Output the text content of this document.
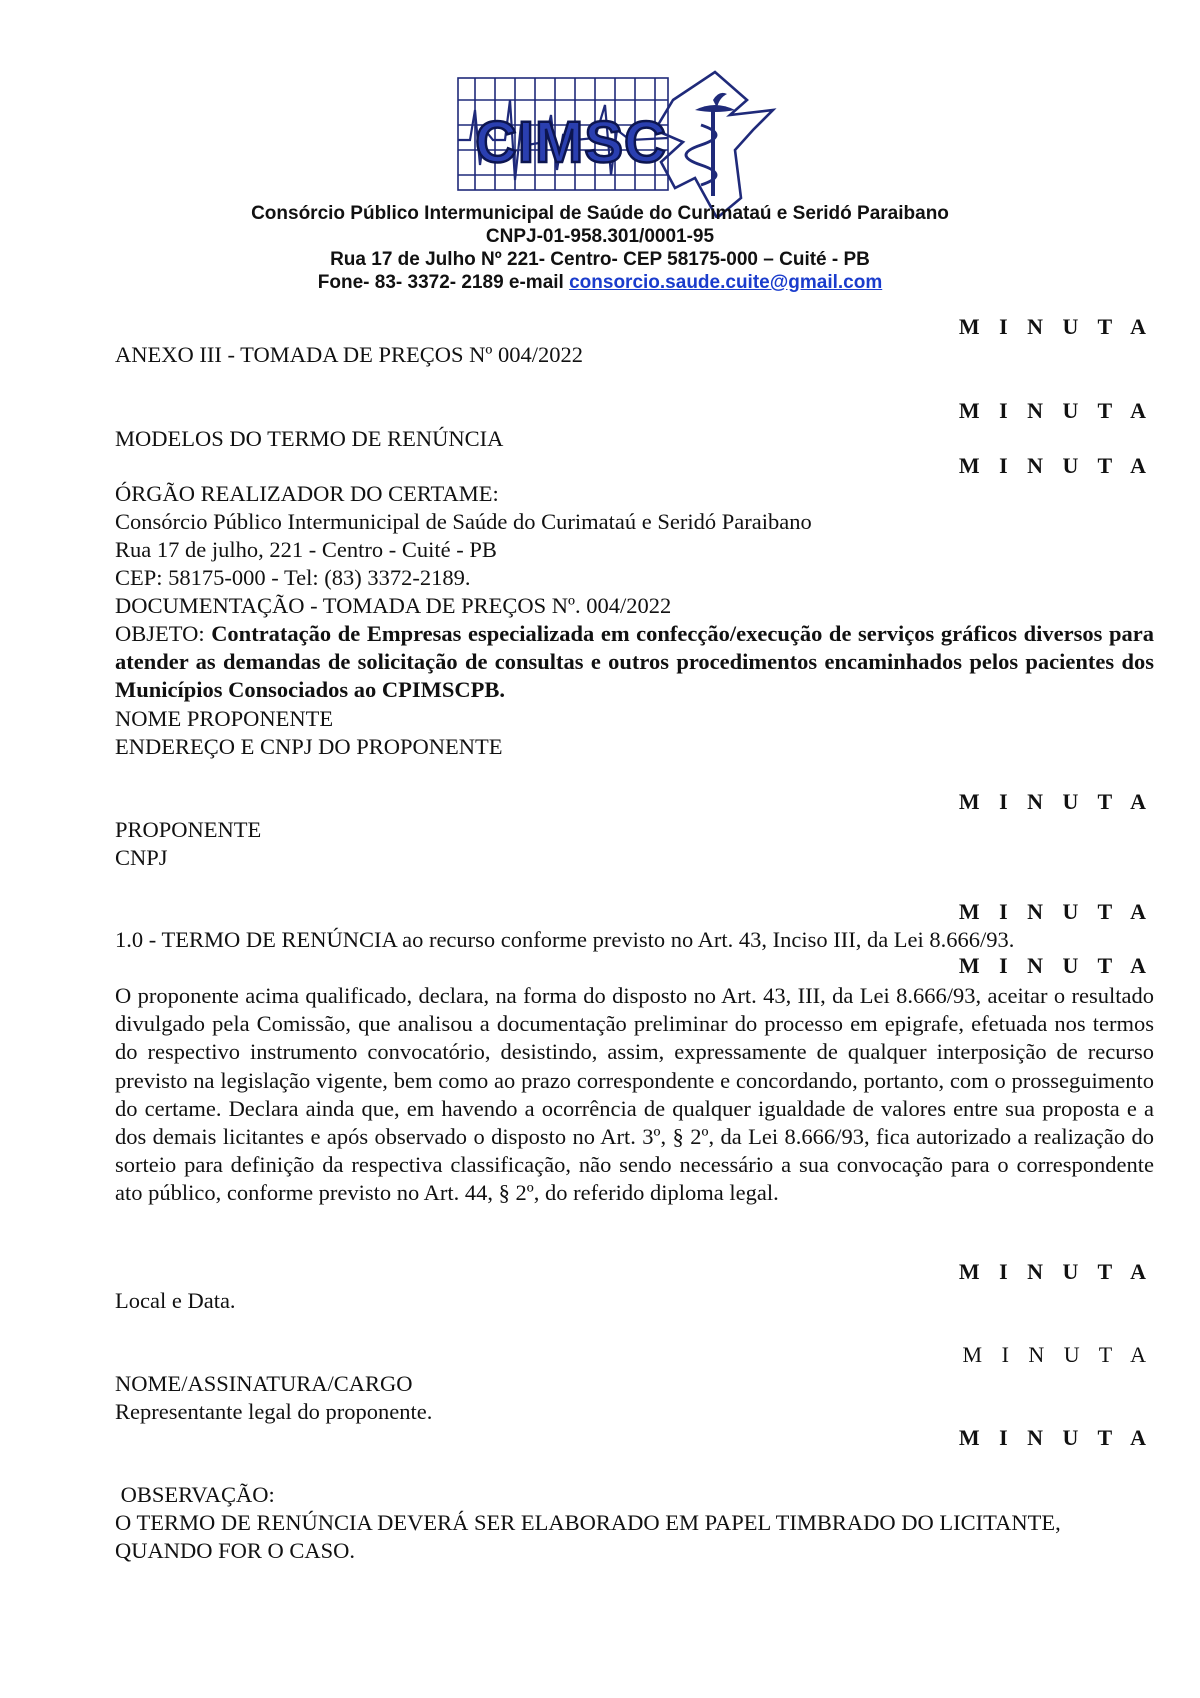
CIMSC
Consórcio Público Intermunicipal de Saúde do Curimataú e Seridó Paraibano
CNPJ-01-958.301/0001-95
Rua 17 de Julho Nº 221- Centro- CEP 58175-000 – Cuité - PB
Fone- 83- 3372- 2189 e-mail consorcio.saude.cuite@gmail.com
M I N U T A
M I N U T A
M I N U T A
M I N U T A
M I N U T A
M I N U T A
M I N U T A
M I N U T A
M I N U T A
ANEXO III - TOMADA DE PREÇOS Nº 004/2022
MODELOS DO TERMO DE RENÚNCIA
ÓRGÃO REALIZADOR DO CERTAME:
Consórcio Público Intermunicipal de Saúde do Curimataú e Seridó Paraibano
Rua 17 de julho, 221 - Centro - Cuité - PB
CEP: 58175-000 - Tel: (83) 3372-2189.
DOCUMENTAÇÃO - TOMADA DE PREÇOS Nº. 004/2022
OBJETO: Contratação de Empresas especializada em confecção/execução de serviços gráficos diversos para atender as demandas de solicitação de consultas e outros procedimentos encaminhados pelos pacientes dos Municípios Consociados ao CPIMSCPB.
NOME PROPONENTE
ENDEREÇO E CNPJ DO PROPONENTE
PROPONENTE
CNPJ
1.0 - TERMO DE RENÚNCIA ao recurso conforme previsto no Art. 43, Inciso III, da Lei 8.666/93.
O proponente acima qualificado, declara, na forma do disposto no Art. 43, III, da Lei 8.666/93, aceitar o resultado divulgado pela Comissão, que analisou a documentação preliminar do processo em epigrafe, efetuada nos termos do respectivo instrumento convocatório, desistindo, assim, expressamente de qualquer interposição de recurso previsto na legislação vigente, bem como ao prazo correspondente e concordando, portanto, com o prosseguimento do certame. Declara ainda que, em havendo a ocorrência de qualquer igualdade de valores entre sua proposta e a dos demais licitantes e após observado o disposto no Art. 3º, § 2º, da Lei 8.666/93, fica autorizado a realização do sorteio para definição da respectiva classificação, não sendo necessário a sua convocação para o correspondente ato público, conforme previsto no Art. 44, § 2º, do referido diploma legal.
Local e Data.
NOME/ASSINATURA/CARGO
Representante legal do proponente.
OBSERVAÇÃO:
O TERMO DE RENÚNCIA DEVERÁ SER ELABORADO EM PAPEL TIMBRADO DO LICITANTE,
QUANDO FOR O CASO.
